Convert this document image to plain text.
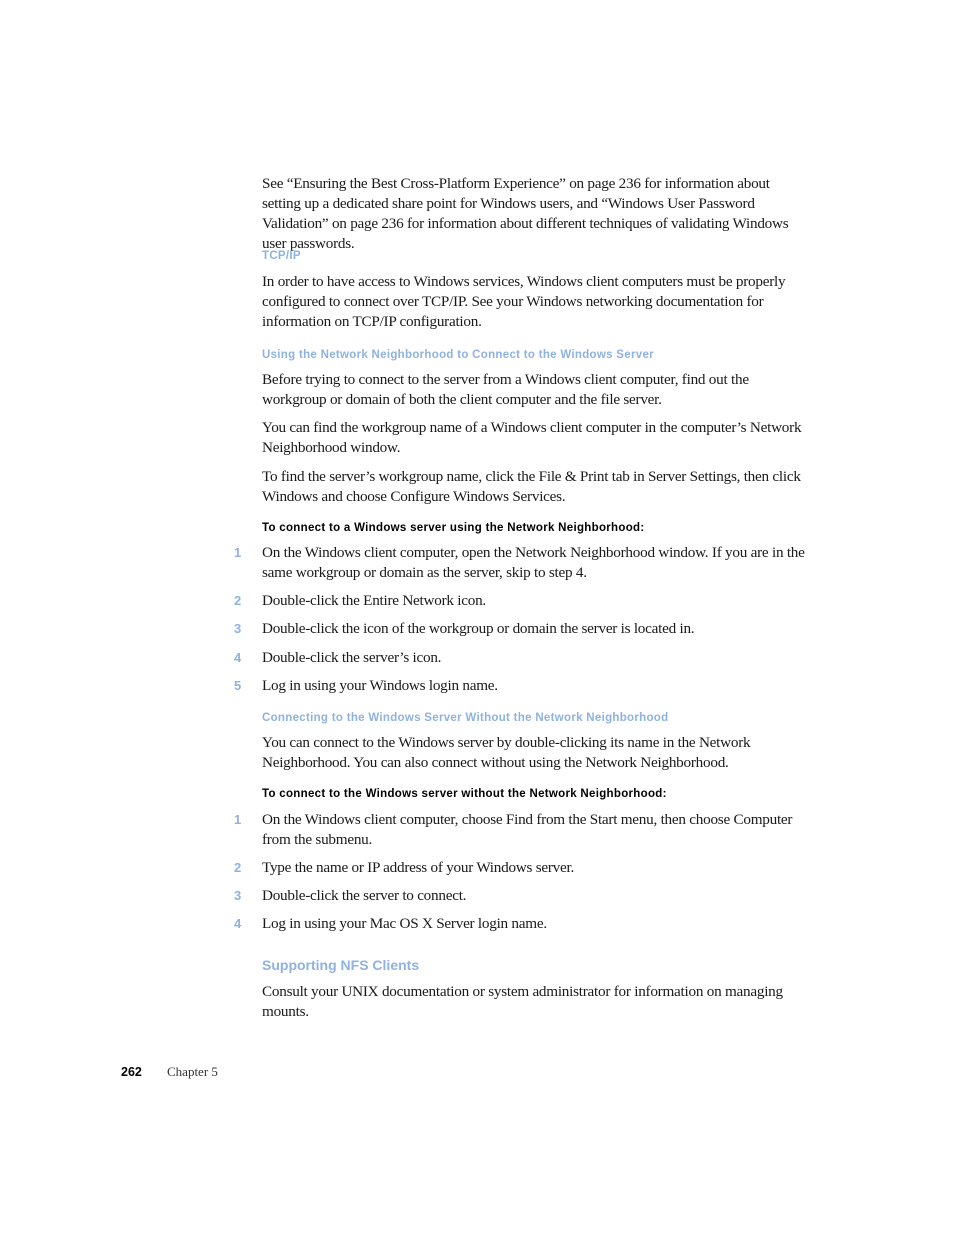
See “Ensuring the Best Cross-Platform Experience” on page 236 for information about setting up a dedicated share point for Windows users, and “Windows User Password Validation” on page 236 for information about different techniques of validating Windows user passwords.

TCP/IP

In order to have access to Windows services, Windows client computers must be properly configured to connect over TCP/IP. See your Windows networking documentation for information on TCP/IP configuration.

Using the Network Neighborhood to Connect to the Windows Server

Before trying to connect to the server from a Windows client computer, find out the workgroup or domain of both the client computer and the file server.

You can find the workgroup name of a Windows client computer in the computer’s Network Neighborhood window.

To find the server’s workgroup name, click the File & Print tab in Server Settings, then click Windows and choose Configure Windows Services.

To connect to a Windows server using the Network Neighborhood:
1 On the Windows client computer, open the Network Neighborhood window. If you are in the same workgroup or domain as the server, skip to step 4.
2 Double-click the Entire Network icon.
3 Double-click the icon of the workgroup or domain the server is located in.
4 Double-click the server’s icon.
5 Log in using your Windows login name.
Connecting to the Windows Server Without the Network Neighborhood

You can connect to the Windows server by double-clicking its name in the Network Neighborhood. You can also connect without using the Network Neighborhood.

To connect to the Windows server without the Network Neighborhood:
1 On the Windows client computer, choose Find from the Start menu, then choose Computer from the submenu.
2 Type the name or IP address of your Windows server.
3 Double-click the server to connect.
4 Log in using your Mac OS X Server login name.
Supporting NFS Clients

Consult your UNIX documentation or system administrator for information on managing mounts.

262 Chapter 5
